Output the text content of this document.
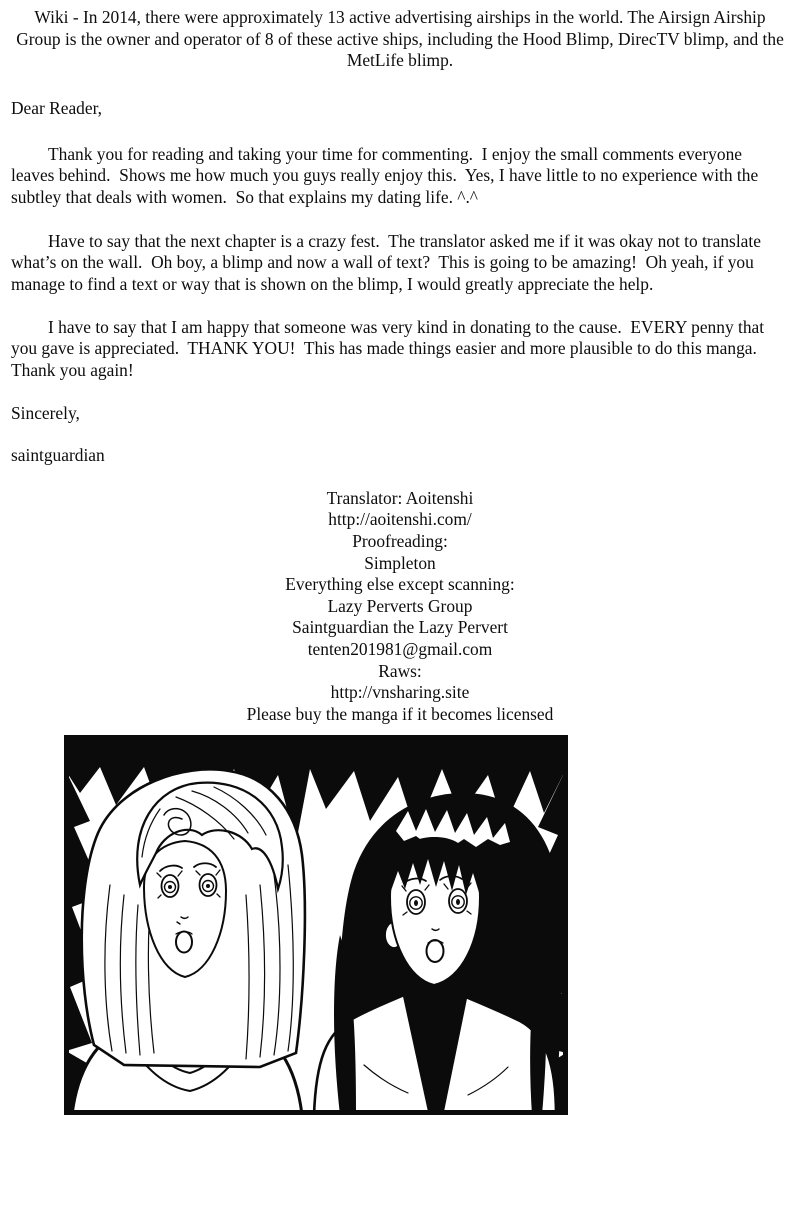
Wiki - In 2014, there were approximately 13 active advertising airships in the world. The Airsign Airship Group is the owner and operator of 8 of these active ships, including the Hood Blimp, DirecTV blimp, and the MetLife blimp.

Dear Reader,

Thank you for reading and taking your time for commenting.  I enjoy the small comments everyone leaves behind.  Shows me how much you guys really enjoy this.  Yes, I have little to no experience with the subtley that deals with women.  So that explains my dating life. ^.^

Have to say that the next chapter is a crazy fest.  The translator asked me if it was okay not to translate what’s on the wall.  Oh boy, a blimp and now a wall of text?  This is going to be amazing!  Oh yeah, if you manage to find a text or way that is shown on the blimp, I would greatly appreciate the help.

I have to say that I am happy that someone was very kind in donating to the cause.  EVERY penny that you gave is appreciated.  THANK YOU!  This has made things easier and more plausible to do this manga.  Thank you again!

Sincerely,

saintguardian

Translator: Aoitenshi
http://aoitenshi.com/
Proofreading:
Simpleton
Everything else except scanning:
Lazy Perverts Group
Saintguardian the Lazy Pervert
tenten201981@gmail.com
Raws:
http://vnsharing.site
Please buy the manga if it becomes licensed
